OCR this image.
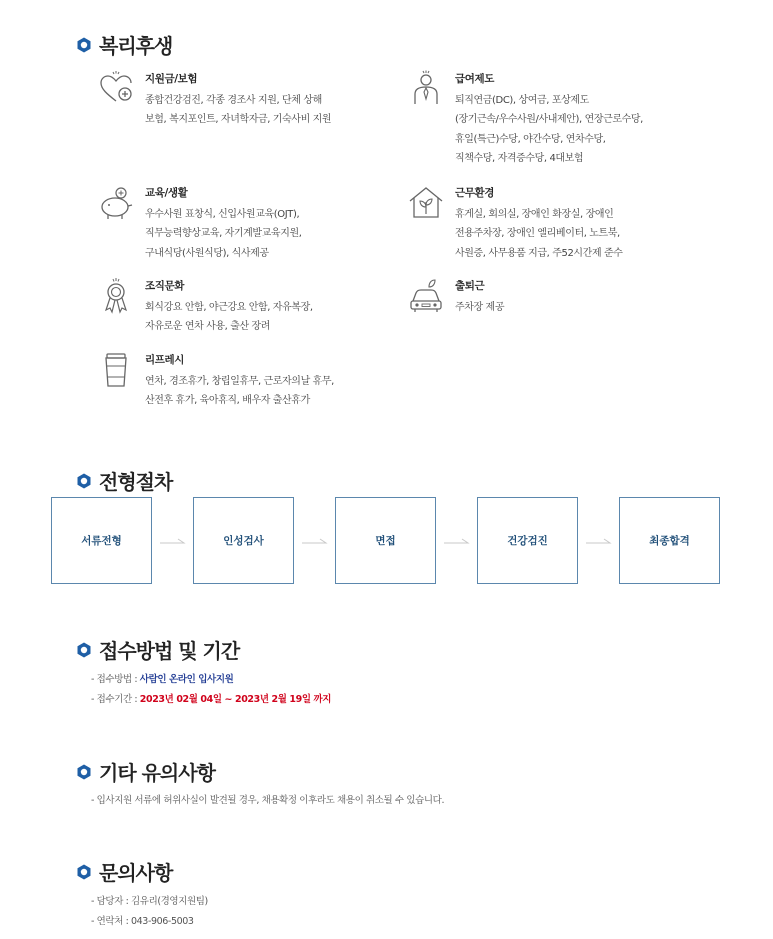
복리후생
지원금/보험
종합건강검진, 각종 경조사 지원, 단체 상해
보험, 복지포인트, 자녀학자금, 기숙사비 지원
급여제도
퇴직연금(DC), 상여금, 포상제도
(장기근속/우수사원/사내제안), 연장근로수당,
휴일(특근)수당, 야간수당, 연차수당,
직책수당, 자격증수당, 4대보험
교육/생활
우수사원 표창식, 신입사원교육(OJT),
직무능력향상교육, 자기계발교육지원,
구내식당(사원식당), 식사제공
근무환경
휴게실, 회의실, 장애인 화장실, 장애인
전용주차장, 장애인 엘리베이터, 노트북,
사원증, 사무용품 지급, 주52시간제 준수
조직문화
회식강요 안함, 야근강요 안함, 자유복장,
자유로운 연차 사용, 출산 장려
출퇴근
주차장 제공
리프레시
연차, 경조휴가, 창립일휴무, 근로자의날 휴무,
산전후 휴가, 육아휴직, 배우자 출산휴가
전형절차
서류전형	인성검사	면접	건강검진	최종합격
접수방법 및 기간
- 접수방법 : 사람인 온라인 입사지원
- 접수기간 : 2023년 02월 04일 ~ 2023년 2월 19일 까지
기타 유의사항
- 입사지원 서류에 허위사실이 발견될 경우, 채용확정 이후라도 채용이 취소될 수 있습니다.
문의사항
- 담당자 : 김유리(경영지원팀)
- 연락처 : 043-906-5003
